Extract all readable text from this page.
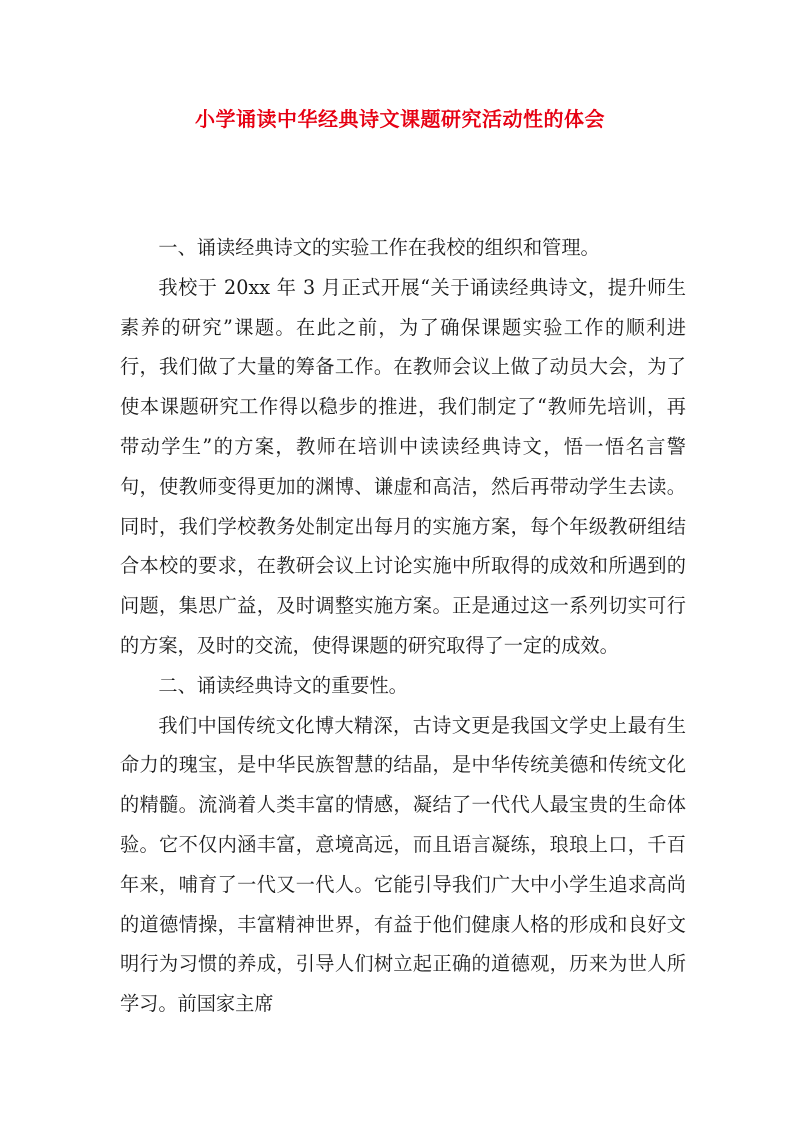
小学诵读中华经典诗文课题研究活动性的体会

一、诵读经典诗文的实验工作在我校的组织和管理。

我校于 20xx 年 3 月正式开展“关于诵读经典诗文，提升师生素养的研究”课题。在此之前，为了确保课题实验工作的顺利进行，我们做了大量的筹备工作。在教师会议上做了动员大会，为了使本课题研究工作得以稳步的推进，我们制定了“教师先培训，再带动学生”的方案，教师在培训中读读经典诗文，悟一悟名言警句，使教师变得更加的渊博、谦虚和高洁，然后再带动学生去读。同时，我们学校教务处制定出每月的实施方案，每个年级教研组结合本校的要求，在教研会议上讨论实施中所取得的成效和所遇到的问题，集思广益，及时调整实施方案。正是通过这一系列切实可行的方案，及时的交流，使得课题的研究取得了一定的成效。

二、诵读经典诗文的重要性。

我们中国传统文化博大精深，古诗文更是我国文学史上最有生命力的瑰宝，是中华民族智慧的结晶，是中华传统美德和传统文化的精髓。流淌着人类丰富的情感，凝结了一代代人最宝贵的生命体验。它不仅内涵丰富，意境高远，而且语言凝练，琅琅上口，千百年来，哺育了一代又一代人。它能引导我们广大中小学生追求高尚的道德情操，丰富精神世界，有益于他们健康人格的形成和良好文明行为习惯的养成，引导人们树立起正确的道德观，历来为世人所学习。前国家主席
